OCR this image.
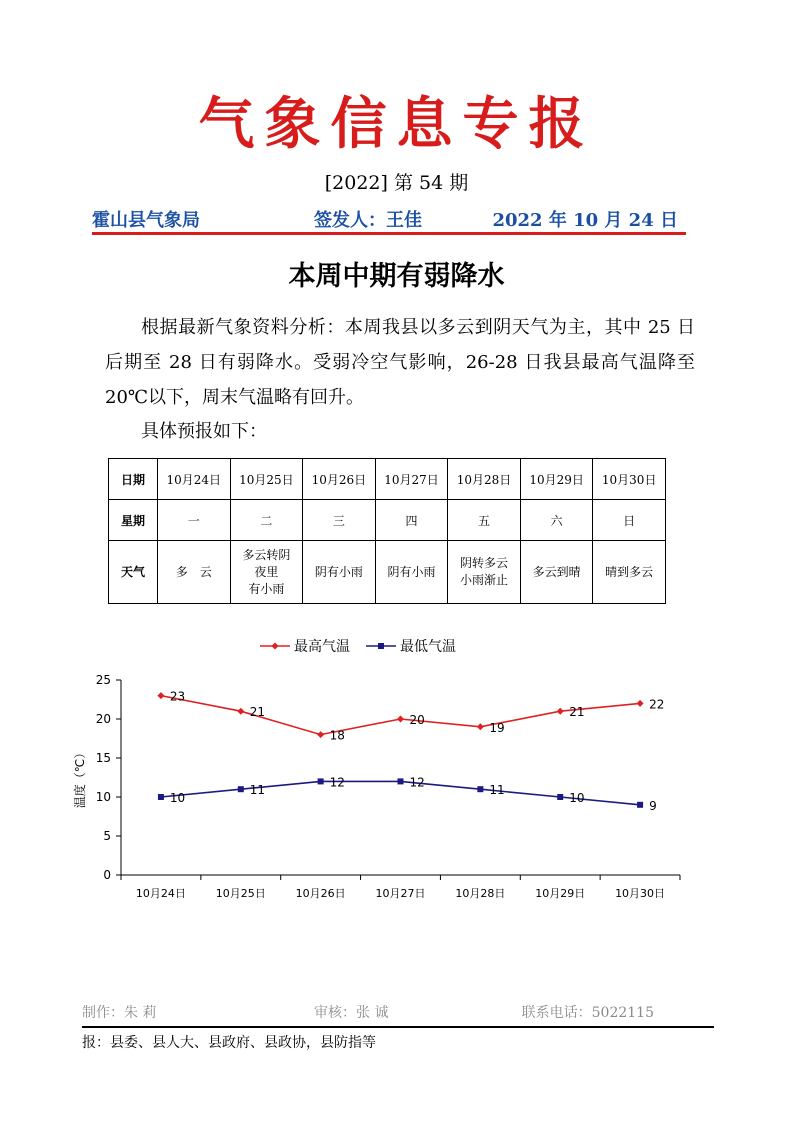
气象信息专报
[2022] 第 54 期
霍山县气象局	签发人：王佳	2022 年 10 月 24 日
本周中期有弱降水

根据最新气象资料分析：本周我县以多云到阴天气为主，其中 25 日后期至 28 日有弱降水。受弱冷空气影响，26-28 日我县最高气温降至 20℃以下，周末气温略有回升。

具体预报如下：
日期	10月24日	10月25日	10月26日	10月27日	10月28日	10月29日	10月30日
星期	一	二	三	四	五	六	日
天气	多　云	多云转阴
夜里
有小雨	阴有小雨	阴有小雨	阴转多云
小雨渐止	多云到晴	晴到多云
0
5
10
15
20
25
10月24日	10月25日	10月26日	10月27日	10月28日	10月29日	10月30日
温度（℃）
23
21
18
20
19
21
22
10
11
12	12
11
10
9
最高气温	最低气温
制作：朱 莉	审核：张 诚	联系电话：5022115
报：县委、县人大、县政府、县政协，县防指等
